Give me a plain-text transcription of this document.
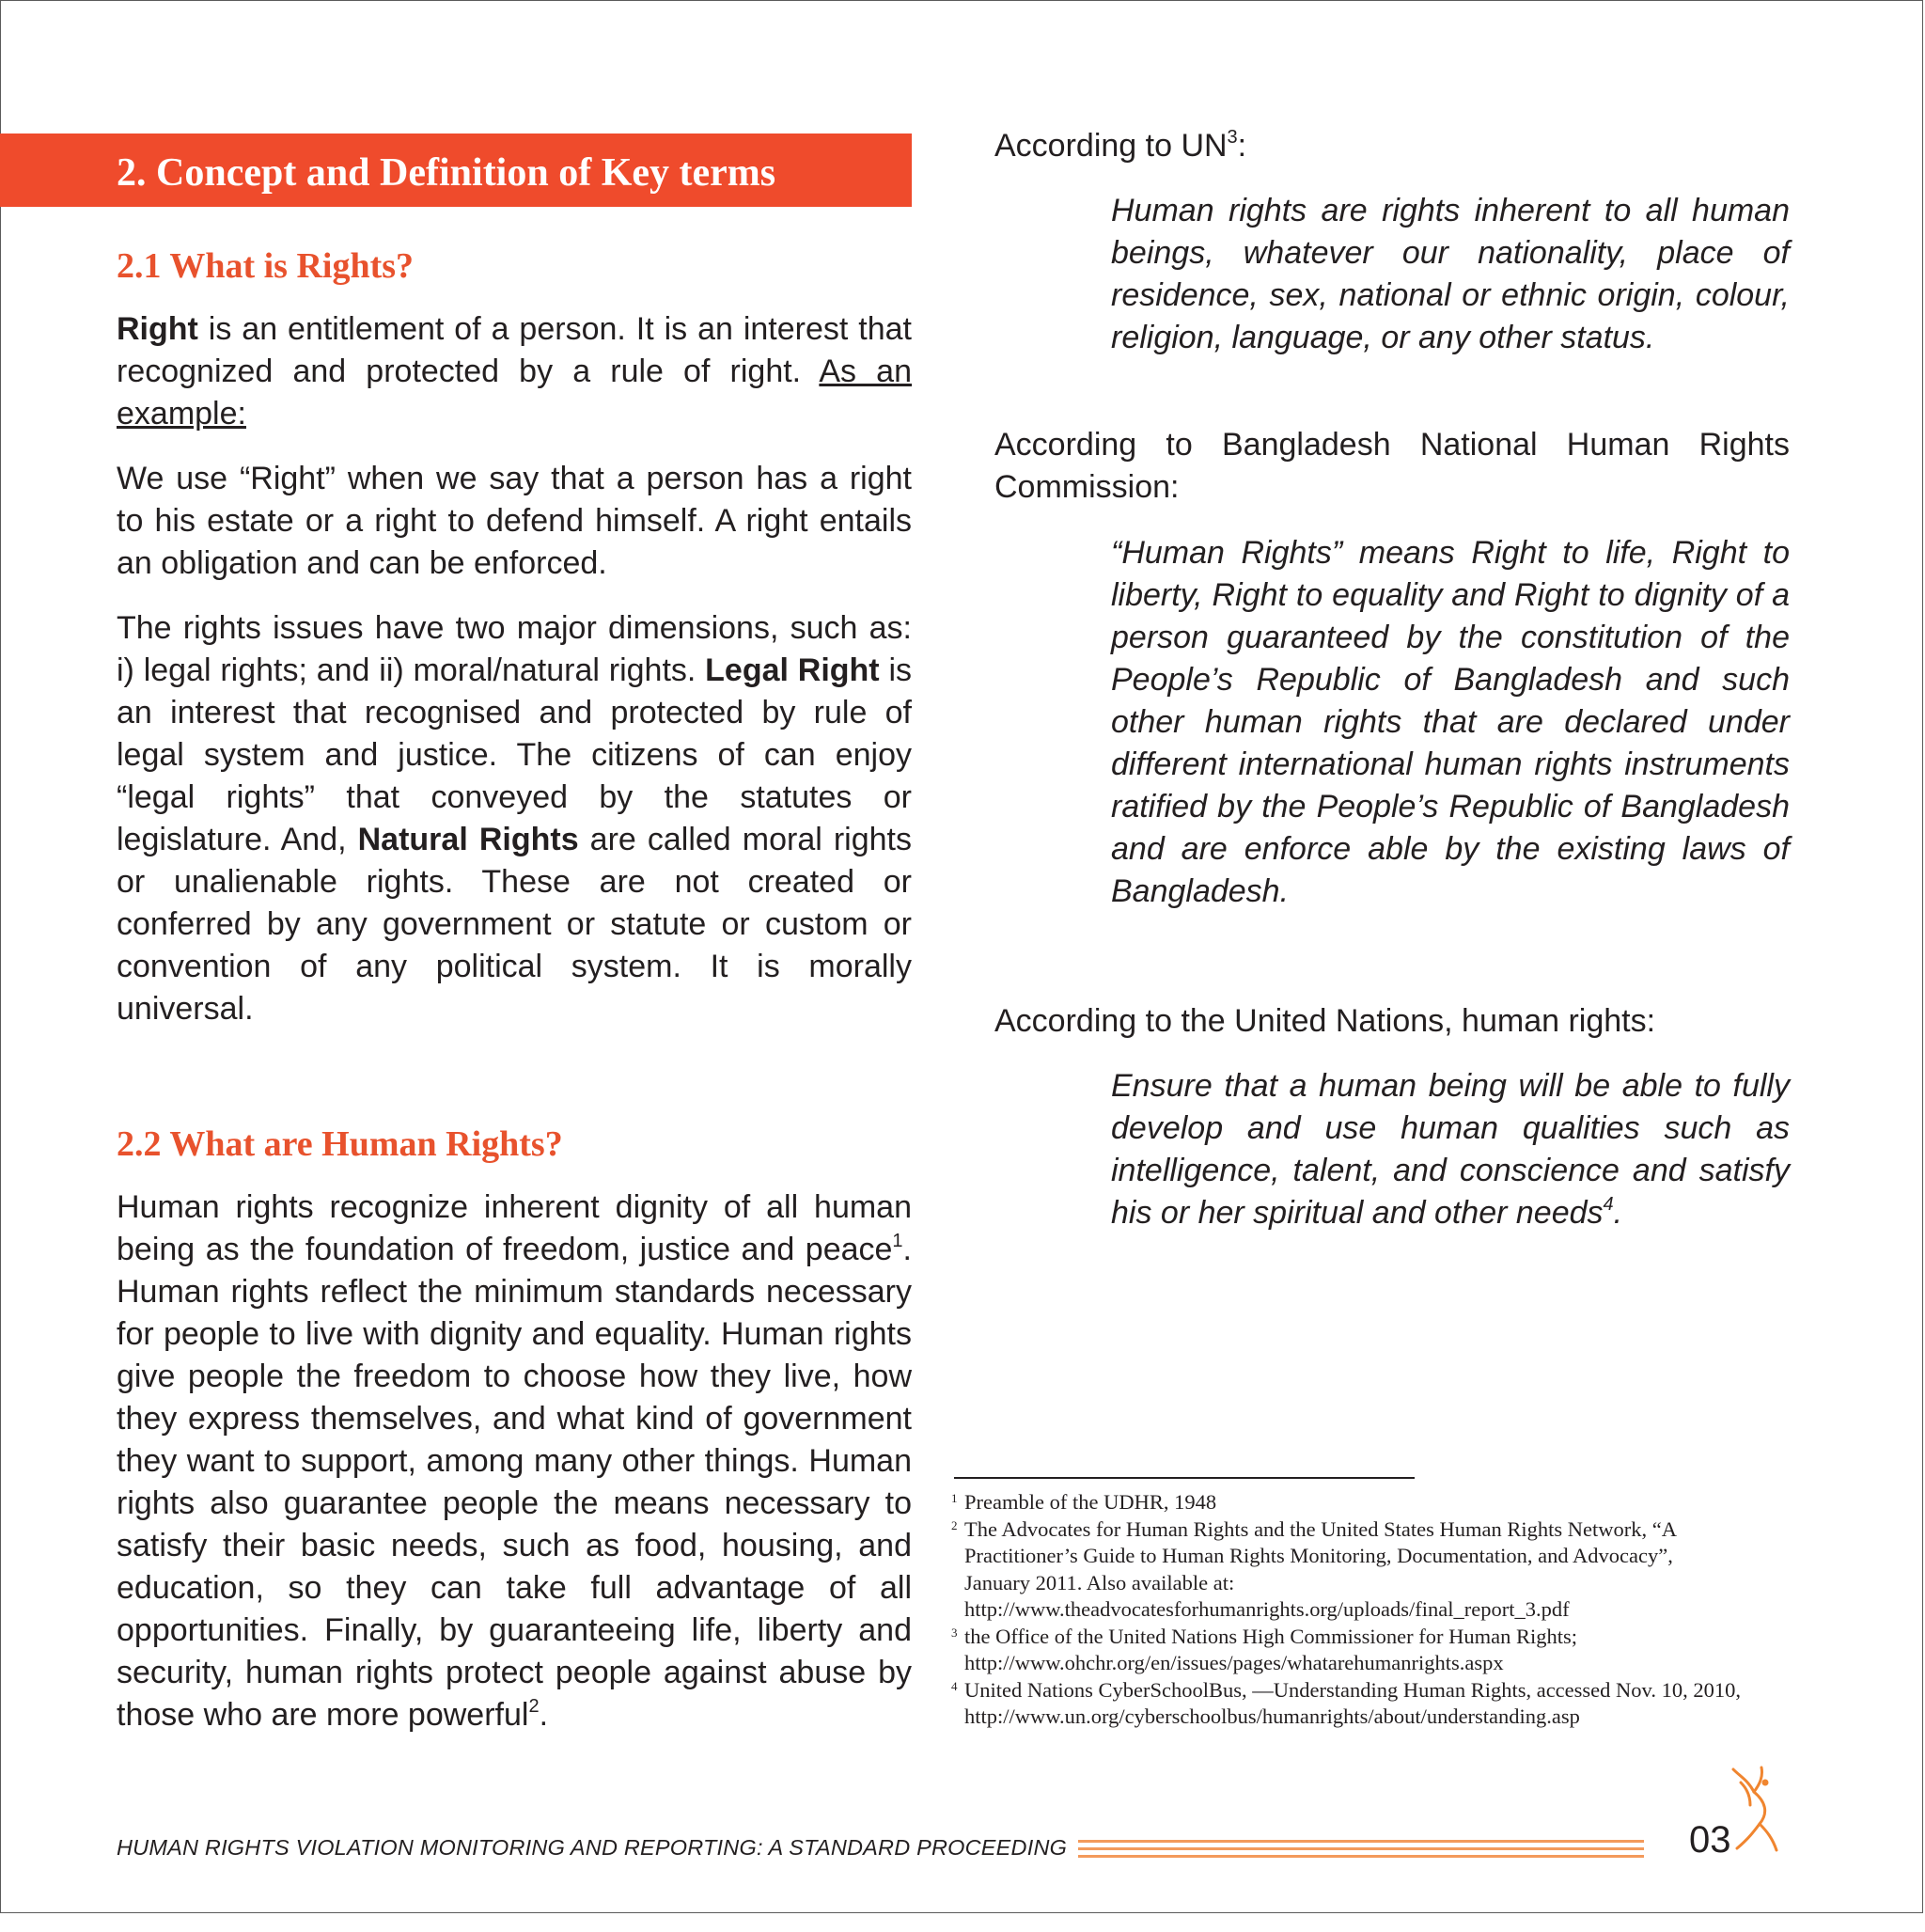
2. Concept and Definition of Key terms
2.1 What is Rights?

Right is an entitlement of a person. It is an interest that recognized and protected by a rule of right. As an example:

We use “Right” when we say that a person has a right to his estate or a right to defend himself. A right entails an obligation and can be enforced.

The rights issues have two major dimensions, such as: i) legal rights; and ii) moral/natural rights. Legal Right is an interest that recognised and protected by rule of legal system and justice. The citizens of can enjoy “legal rights” that conveyed by the statutes or legislature. And, Natural Rights are called moral rights or unalienable rights. These are not created or conferred by any government or statute or custom or convention of any political system. It is morally universal.

2.2 What are Human Rights?

Human rights recognize inherent dignity of all human being as the foundation of freedom, justice and peace$^1$. Human rights reflect the minimum standards necessary for people to live with dignity and equality. Human rights give people the freedom to choose how they live, how they express themselves, and what kind of government they want to support, among many other things. Human rights also guarantee people the means necessary to satisfy their basic needs, such as food, housing, and education, so they can take full advantage of all opportunities. Finally, by guaranteeing life, liberty and security, human rights protect people against abuse by those who are more powerful$^2$.

According to $UN^3$:

Human rights are rights inherent to all human beings, whatever our nationality, place of residence, sex, national or ethnic origin, colour, religion, language, or any other status.

According to Bangladesh National Human Rights Commission:

“Human Rights” means Right to life, Right to liberty, Right to equality and Right to dignity of a person guaranteed by the constitution of the People’s Republic of Bangladesh and such other human rights that are declared under different international human rights instruments ratified by the People’s Republic of Bangladesh and are enforce able by the existing laws of Bangladesh.

According to the United Nations, human rights:

Ensure that a human being will be able to fully develop and use human qualities such as intelligence, talent, and conscience and satisfy his or her spiritual and other needs$^4$.

1 Preamble of the UDHR, 1948
2 The Advocates for Human Rights and the United States Human Rights Network, “A
Practitioner’s Guide to Human Rights Monitoring, Documentation, and Advocacy”,
January 2011. Also available at:
http://www.theadvocatesforhumanrights.org/uploads/final_report_3.pdf
3 the Office of the United Nations High Commissioner for Human Rights;
http://www.ohchr.org/en/issues/pages/whatarehumanrights.aspx
4 United Nations CyberSchoolBus, ―Understanding Human Rights, accessed Nov. 10, 2010,
http://www.un.org/cyberschoolbus/humanrights/about/understanding.asp
HUMAN RIGHTS VIOLATION MONITORING AND REPORTING: A STANDARD PROCEEDING	03
